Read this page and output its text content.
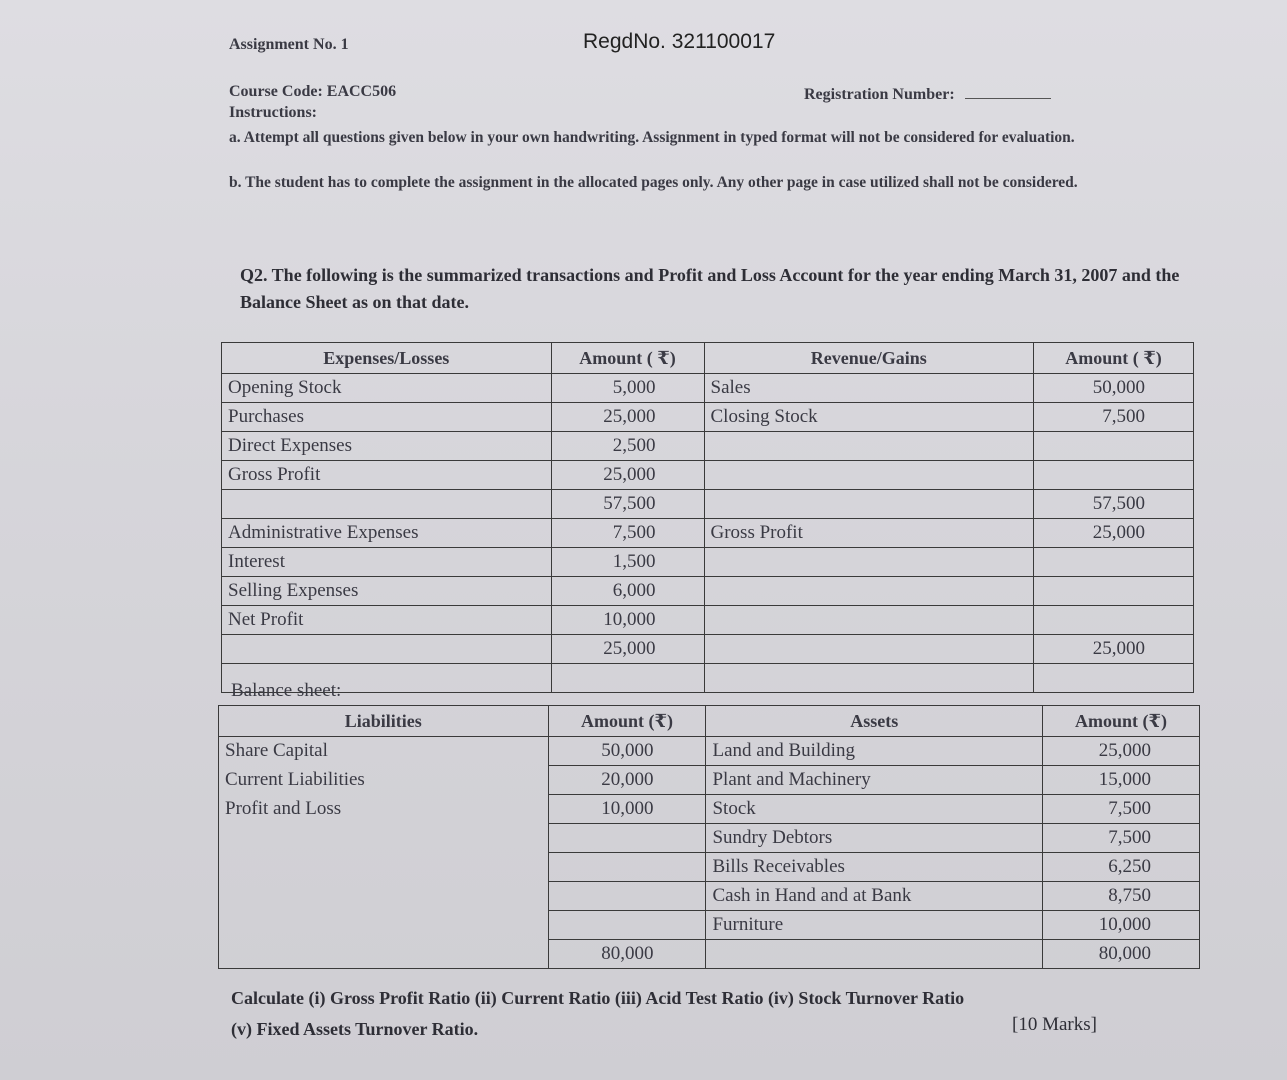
Assignment No. 1	RegdNo. 321100017
Course Code: EACC506	Registration Number:
Instructions:
a. Attempt all questions given below in your own handwriting. Assignment in typed format will not be considered for evaluation.
b. The student has to complete the assignment in the allocated pages only. Any other page in case utilized shall not be considered.
Q2. The following is the summarized transactions and Profit and Loss Account for the year ending March 31, 2007 and the Balance Sheet as on that date.
Expenses/Losses	Amount ( ₹)	Revenue/Gains	Amount ( ₹)
Opening Stock	5,000	Sales	50,000
Purchases	25,000	Closing Stock	7,500
Direct Expenses	2,500		
Gross Profit	25,000		
	57,500		57,500
Administrative Expenses	7,500	Gross Profit	25,000
Interest	1,500		
Selling Expenses	6,000		
Net Profit	10,000		
	25,000		25,000

Balance sheet:
Liabilities	Amount (₹)	Assets	Amount (₹)
Share Capital	50,000	Land and Building	25,000
Current Liabilities	20,000	Plant and Machinery	15,000
Profit and Loss	10,000	Stock	7,500
		Sundry Debtors	7,500
		Bills Receivables	6,250
		Cash in Hand and at Bank	8,750
		Furniture	10,000
	80,000		80,000
Calculate (i) Gross Profit Ratio (ii) Current Ratio (iii) Acid Test Ratio (iv) Stock Turnover Ratio
(v) Fixed Assets Turnover Ratio.	[10 Marks]
